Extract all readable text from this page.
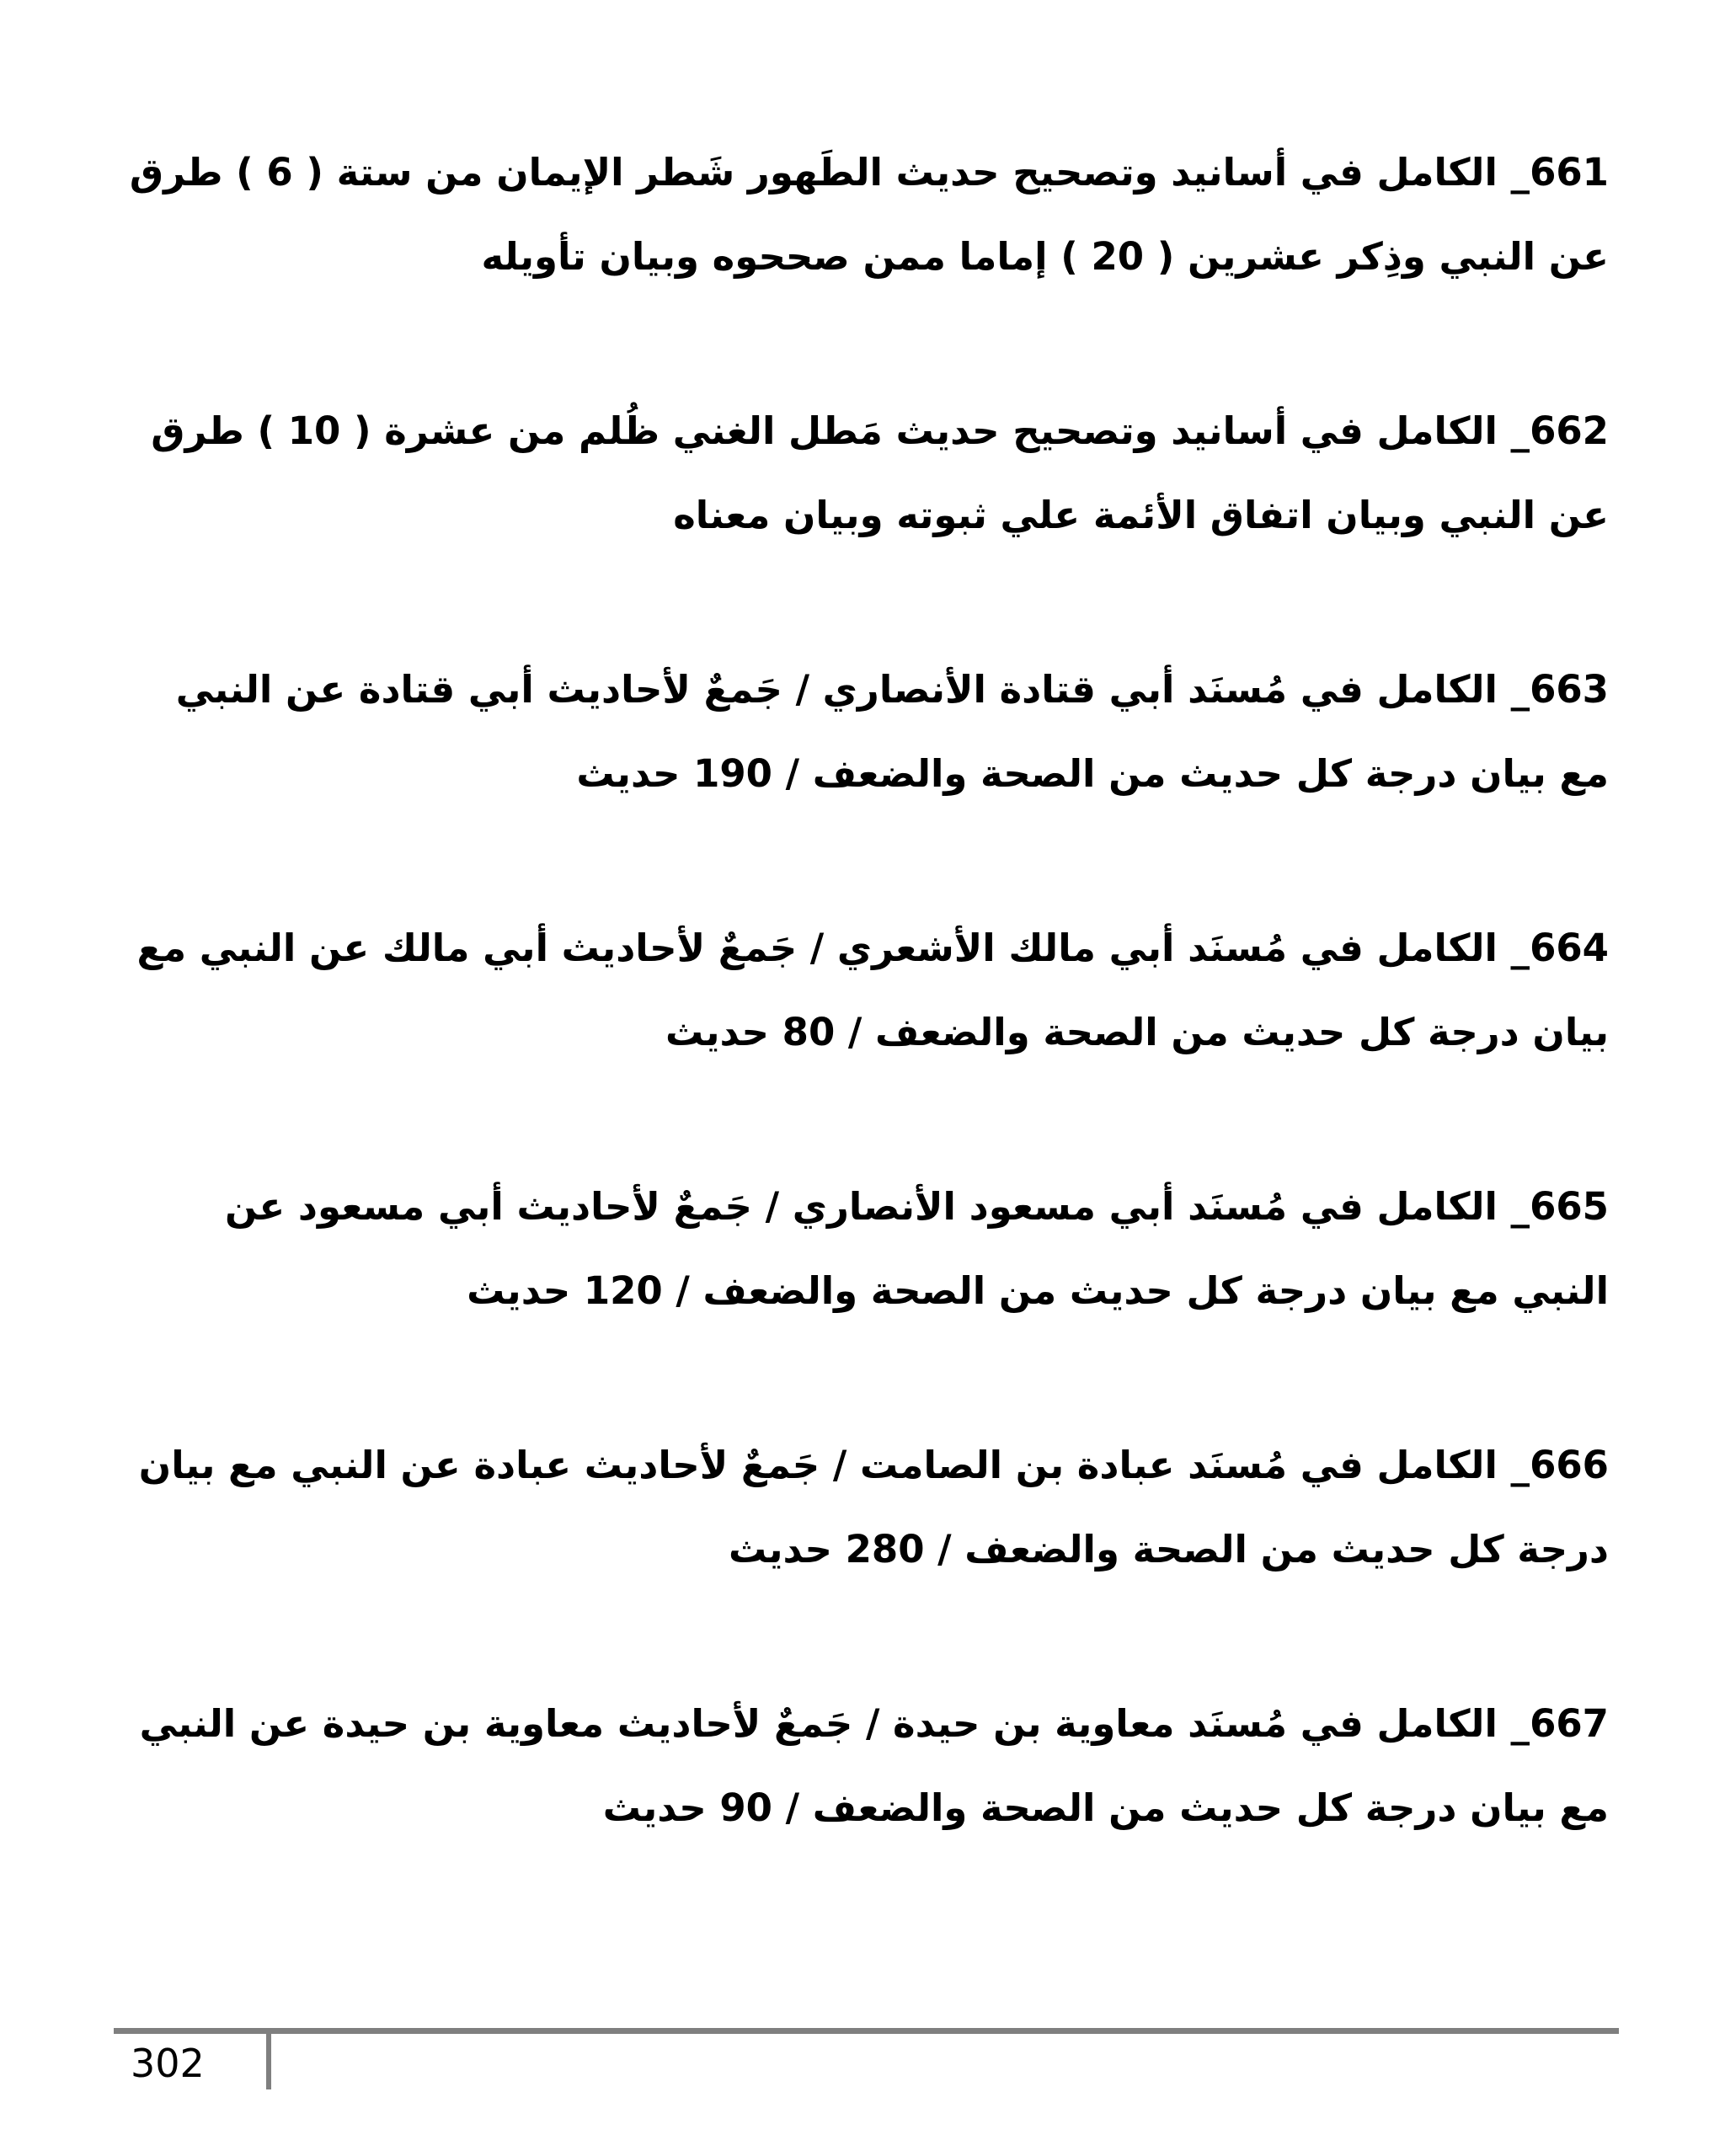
661_ الكامل في أسانيد وتصحيح حديث الطَهور شَطر الإيمان من ستة ( 6 ) طرق عن النبي وذِكر عشرين ( 20 ) إماما ممن صححوه وبيان تأويله

662_ الكامل في أسانيد وتصحيح حديث مَطل الغني ظُلم من عشرة ( 10 ) طرق عن النبي وبيان اتفاق الأئمة علي ثبوته وبيان معناه

663_ الكامل في مُسنَد أبي قتادة الأنصاري / جَمعٌ لأحاديث أبي قتادة عن النبي مع بيان درجة كل حديث من الصحة والضعف / 190 حديث

664_ الكامل في مُسنَد أبي مالك الأشعري / جَمعٌ لأحاديث أبي مالك عن النبي مع بيان درجة كل حديث من الصحة والضعف / 80 حديث

665_ الكامل في مُسنَد أبي مسعود الأنصاري / جَمعٌ لأحاديث أبي مسعود عن النبي مع بيان درجة كل حديث من الصحة والضعف / 120 حديث

666_ الكامل في مُسنَد عبادة بن الصامت / جَمعٌ لأحاديث عبادة عن النبي مع بيان درجة كل حديث من الصحة والضعف / 280 حديث

667_ الكامل في مُسنَد معاوية بن حيدة / جَمعٌ لأحاديث معاوية بن حيدة عن النبي مع بيان درجة كل حديث من الصحة والضعف / 90 حديث

302
